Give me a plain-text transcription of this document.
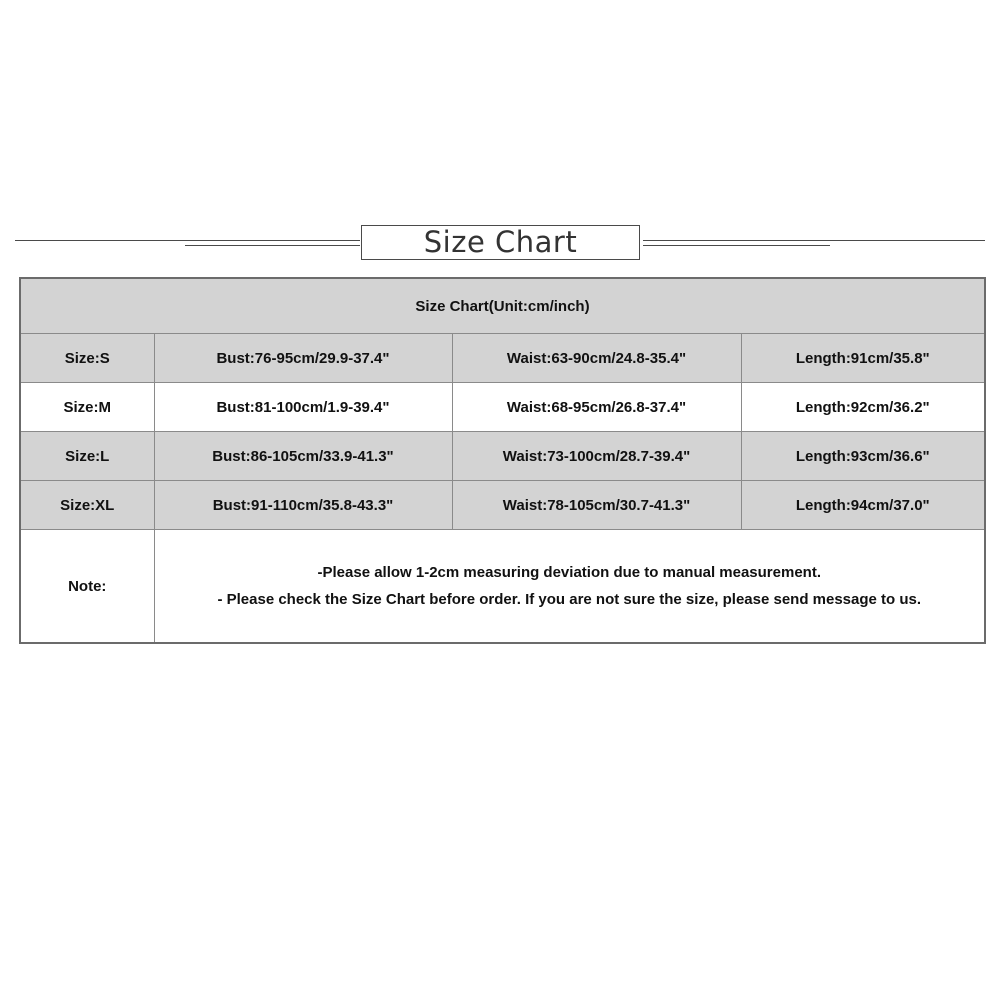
Size Chart
Size Chart(Unit:cm/inch)			
Size:S	Bust:76-95cm/29.9-37.4"	Waist:63-90cm/24.8-35.4"	Length:91cm/35.8"
Size:M	Bust:81-100cm/1.9-39.4"	Waist:68-95cm/26.8-37.4"	Length:92cm/36.2"
Size:L	Bust:86-105cm/33.9-41.3"	Waist:73-100cm/28.7-39.4"	Length:93cm/36.6"
Size:XL	Bust:91-110cm/35.8-43.3"	Waist:78-105cm/30.7-41.3"	Length:94cm/37.0"
Note:	-Please allow 1-2cm measuring deviation due to manual measurement.
- Please check the Size Chart before order. If you are not sure the size, please send message to us.		
